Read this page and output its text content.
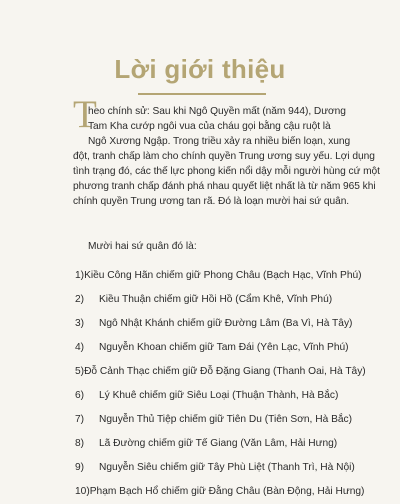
Lời giới thiệu
T
heo chính sử: Sau khi Ngô Quyền mất (năm 944), Dương
Tam Kha cướp ngôi vua của cháu gọi bằng cậu ruột là
Ngô Xương Ngập. Trong triều xảy ra nhiều biến loạn, xung
đột, tranh chấp làm cho chính quyền Trung ương suy yếu. Lợi dụng
tình trạng đó, các thế lực phong kiến nổi dậy mỗi người hùng cứ một
phương tranh chấp đánh phá nhau quyết liệt nhất là từ năm 965 khi
chính quyền Trung ương tan rã. Đó là loạn mười hai sứ quân.
Mười hai sứ quân đó là:
1) Kiều Công Hãn chiếm giữ Phong Châu (Bạch Hạc, Vĩnh Phú)
2)	Kiều Thuận chiếm giữ Hồi Hồ (Cẩm Khê, Vĩnh Phú)
3)	Ngô Nhật Khánh chiếm giữ Đường Lâm (Ba Vì, Hà Tây)
4)	Nguyễn Khoan chiếm giữ Tam Đái (Yên Lạc, Vĩnh Phú)
5) Đỗ Cảnh Thạc chiếm giữ Đỗ Đặng Giang (Thanh Oai, Hà Tây)
6)	Lý Khuê chiếm giữ Siêu Loại (Thuận Thành, Hà Bắc)
7)	Nguyễn Thủ Tiệp chiếm giữ Tiên Du (Tiên Sơn, Hà Bắc)
8)	Lã Đường chiếm giữ Tế Giang (Văn Lâm, Hải Hưng)
9)	Nguyễn Siêu chiếm giữ Tây Phù Liệt (Thanh Trì, Hà Nội)
10) Phạm Bạch Hổ chiếm giữ Đằng Châu (Bàn Động, Hải Hưng)
